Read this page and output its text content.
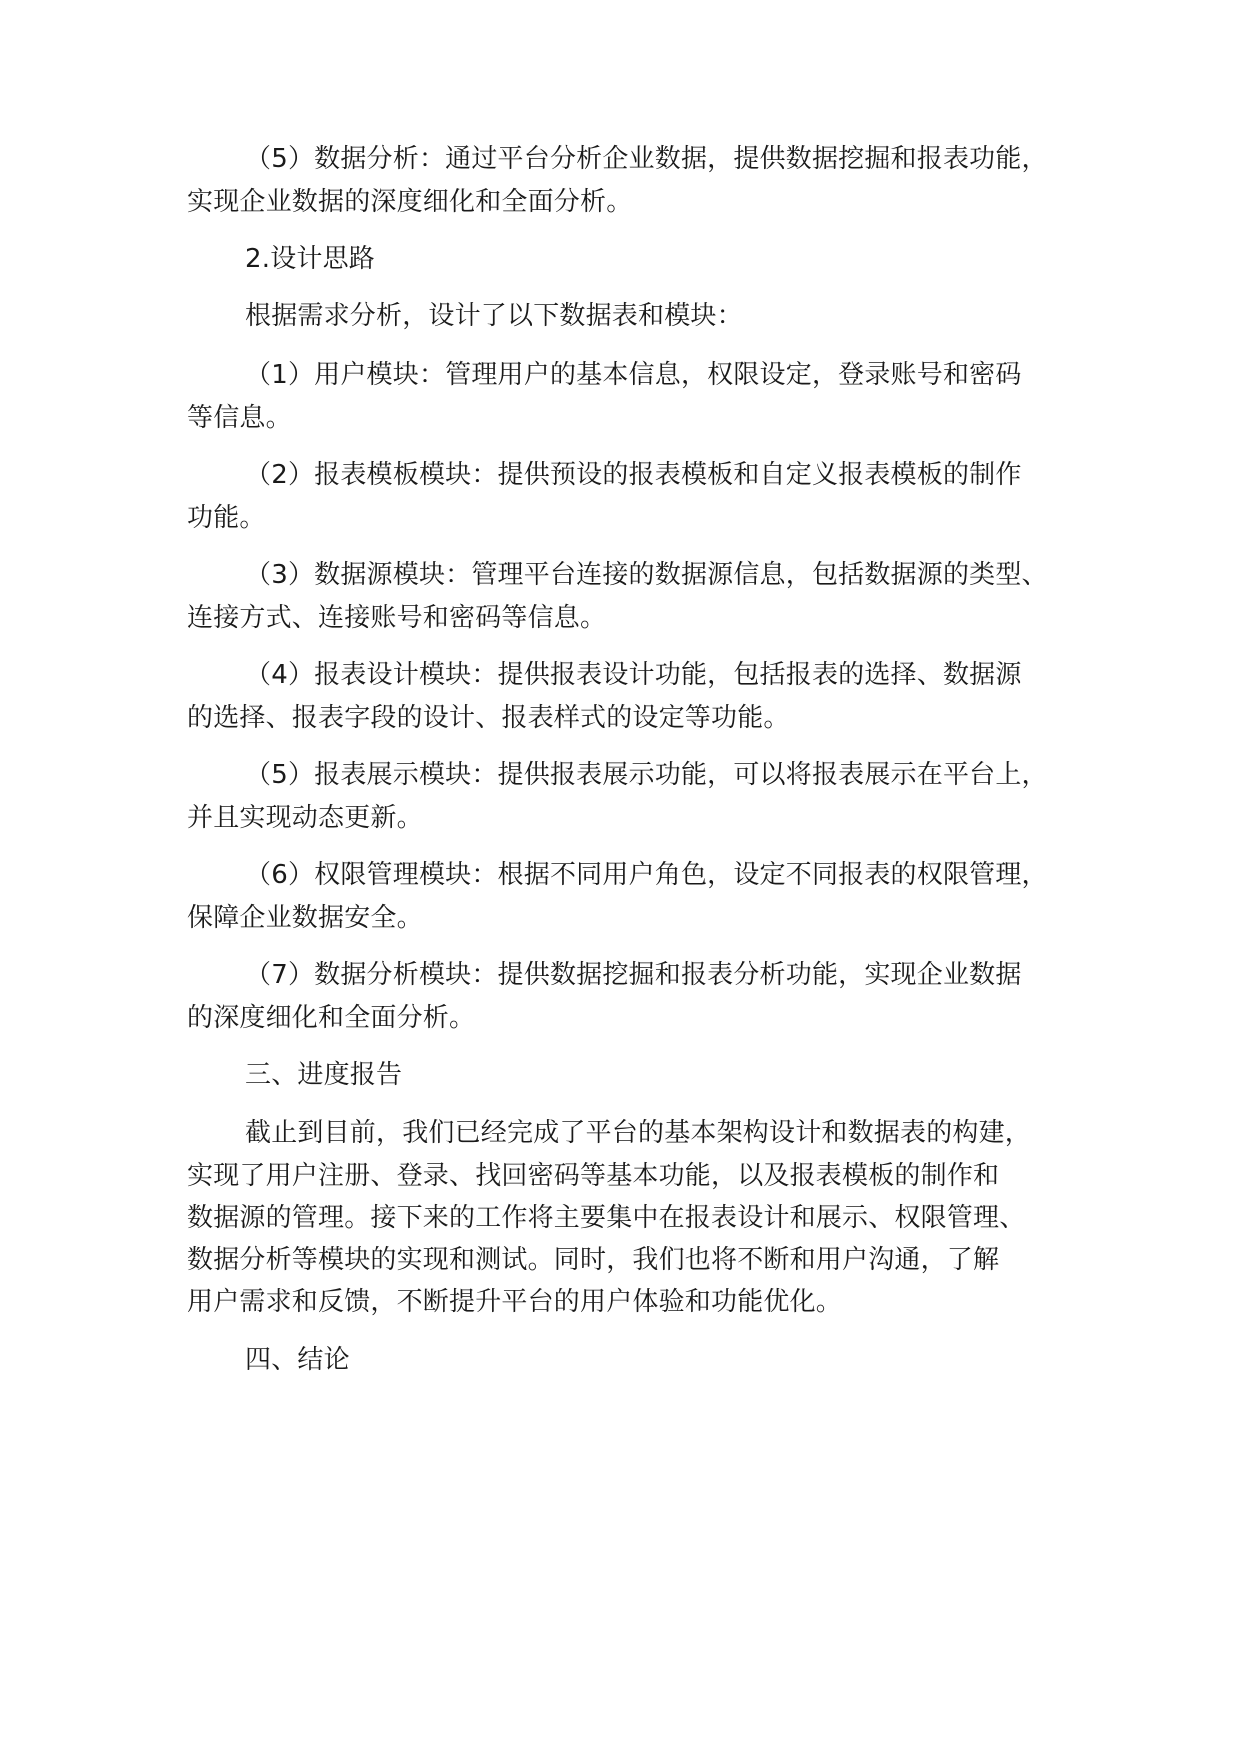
（5）数据分析：通过平台分析企业数据，提供数据挖掘和报表功能，
实现企业数据的深度细化和全面分析。
2.设计思路
根据需求分析，设计了以下数据表和模块：
（1）用户模块：管理用户的基本信息，权限设定，登录账号和密码
等信息。
（2）报表模板模块：提供预设的报表模板和自定义报表模板的制作
功能。
（3）数据源模块：管理平台连接的数据源信息，包括数据源的类型、
连接方式、连接账号和密码等信息。
（4）报表设计模块：提供报表设计功能，包括报表的选择、数据源
的选择、报表字段的设计、报表样式的设定等功能。
（5）报表展示模块：提供报表展示功能，可以将报表展示在平台上，
并且实现动态更新。
（6）权限管理模块：根据不同用户角色，设定不同报表的权限管理，
保障企业数据安全。
（7）数据分析模块：提供数据挖掘和报表分析功能，实现企业数据
的深度细化和全面分析。
三、进度报告
截止到目前，我们已经完成了平台的基本架构设计和数据表的构建，
实现了用户注册、登录、找回密码等基本功能，以及报表模板的制作和
数据源的管理。接下来的工作将主要集中在报表设计和展示、权限管理、
数据分析等模块的实现和测试。同时，我们也将不断和用户沟通，了解
用户需求和反馈，不断提升平台的用户体验和功能优化。
四、结论
